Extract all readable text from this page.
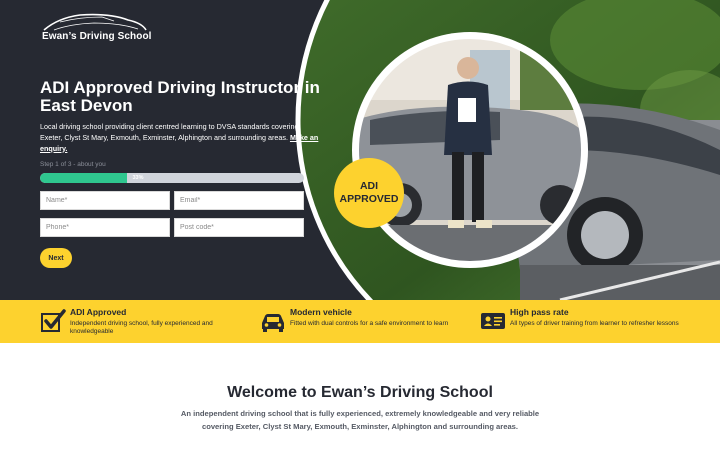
Ewan’s Driving School
ADI Approved Driving Instructor in East Devon

Local driving school providing client centred learning to DVSA standards covering Exeter, Clyst St Mary, Exmouth, Exminster, Alphington and surrounding areas. Make an enquiry.

Step 1 of 3 - about you
33%
Name*
Email*
Phone*
Post code*
Next
ADI
APPROVED
ADI Approved
Independent driving school, fully experienced and knowledgeable
Modern vehicle
Fitted with dual controls for a safe environment to learn
High pass rate
All types of driver training from learner to refresher lessons
Welcome to Ewan’s Driving School

An independent driving school that is fully experienced, extremely knowledgeable and very reliable covering Exeter, Clyst St Mary, Exmouth, Exminster, Alphington and surrounding areas.
